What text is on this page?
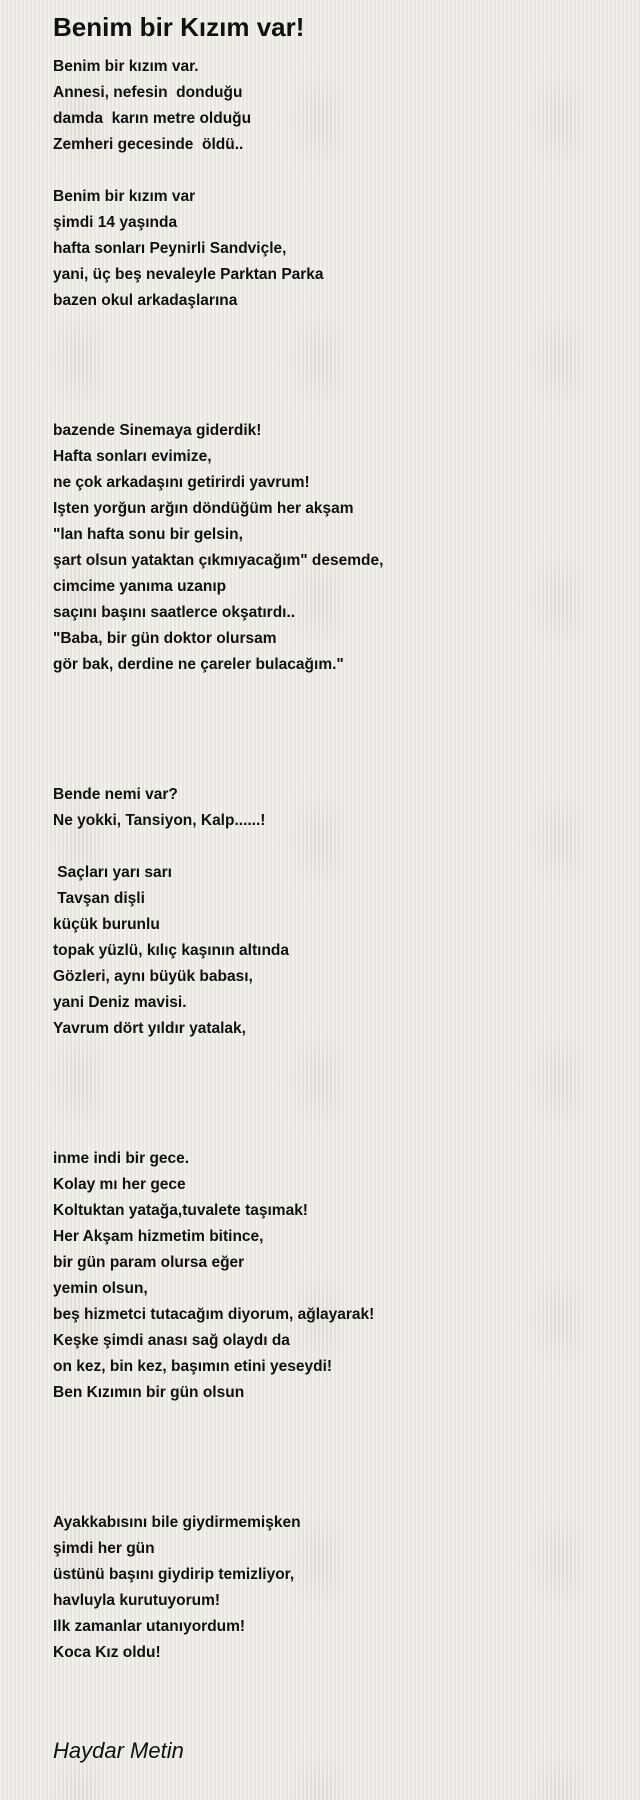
Benim bir Kızım var!
Benim bir kızım var.
Annesi, nefesin  donduğu
damda  karın metre olduğu
Zemheri gecesinde  öldü..
Benim bir kızım var
şimdi 14 yaşında
hafta sonları Peynirli Sandviçle,
yani, üç beş nevaleyle Parktan Parka
bazen okul arkadaşlarına
bazende Sinemaya giderdik!
Hafta sonları evimize,
ne çok arkadaşını getirirdi yavrum!
Işten yorğun arğın döndüğüm her akşam
"lan hafta sonu bir gelsin,
şart olsun yataktan çıkmıyacağım" desemde,
cimcime yanıma uzanıp
saçını başını saatlerce okşatırdı..
"Baba, bir gün doktor olursam
gör bak, derdine ne çareler bulacağım."
Bende nemi var?
Ne yokki, Tansiyon, Kalp......!
Saçları yarı sarı
Tavşan dişli
küçük burunlu
topak yüzlü, kılıç kaşının altında
Gözleri, aynı büyük babası,
yani Deniz mavisi.
Yavrum dört yıldır yatalak,
inme indi bir gece.
Kolay mı her gece
Koltuktan yatağa,tuvalete taşımak!
Her Akşam hizmetim bitince,
bir gün param olursa eğer
yemin olsun,
beş hizmetci tutacağım diyorum, ağlayarak!
Keşke şimdi anası sağ olaydı da
on kez, bin kez, başımın etini yeseydi!
Ben Kızımın bir gün olsun
Ayakkabısını bile giydirmemişken
şimdi her gün
üstünü başını giydirip temizliyor,
havluyla kurutuyorum!
Ilk zamanlar utanıyordum!
Koca Kız oldu!
Haydar Metin
